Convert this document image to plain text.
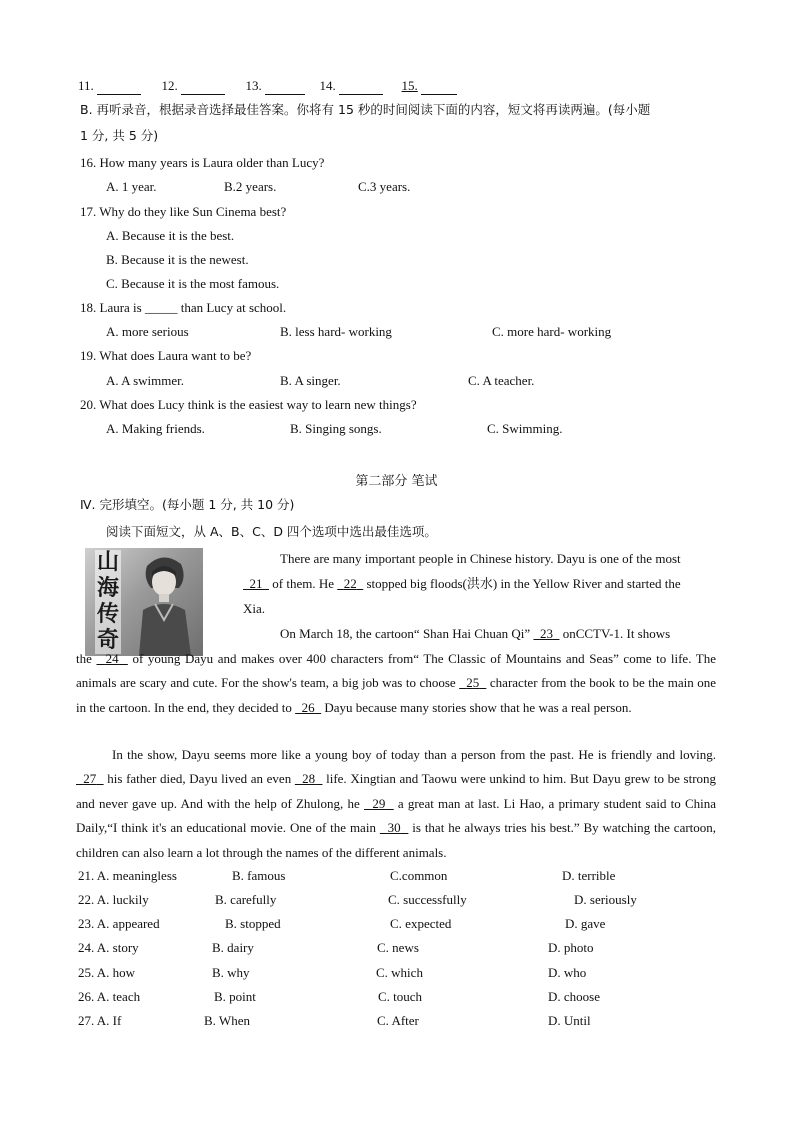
11.	12.	13.	14.	15.
B. 再听录音，根据录音选择最佳答案。你将有 15 秒的时间阅读下面的内容，短文将再读两遍。(每小题
1 分, 共 5 分)
16. How many years is Laura older than Lucy?
A. 1 year.	B.2 years.	C.3 years.
17. Why do they like Sun Cinema best?
A. Because it is the best.
B. Because it is the newest.
C. Because it is the most famous.
18. Laura is _____ than Lucy at school.
A. more serious	B. less hard- working	C. more hard- working
19. What does Laura want to be?
A. A swimmer.	B. A singer.	C. A teacher.
20. What does Lucy think is the easiest way to learn new things?
A. Making friends.	B. Singing songs.	C. Swimming.
第二部分 笔试
Ⅳ. 完形填空。(每小题 1 分, 共 10 分)
阅读下面短文，从 A、B、C、D 四个选项中选出最佳选项。
山
海
传
奇
There are many important people in Chinese history. Dayu is one of the most
21 of them. He 22 stopped big floods(洪水) in the Yellow River and started the
Xia.
On March 18, the cartoon“ Shan Hai Chuan Qi” 23 onCCTV-1. It shows
the 24 of young Dayu and makes over 400 characters from“ The Classic of Mountains and Seas” come to life. The animals are scary and cute. For the show's team, a big job was to choose 25 character from the book to be the main one in the cartoon. In the end, they decided to 26 Dayu because many stories show that he was a real person.
In the show, Dayu seems more like a young boy of today than a person from the past. He is friendly and loving.   27 his father died, Dayu lived an even 28 life. Xingtian and Taowu were unkind to him. But Dayu grew to be strong and never gave up. And with the help of Zhulong, he 29 a great man at last. Li Hao, a primary student said to China Daily,“I think it's an educational movie. One of the main 30 is that he always tries his best.” By watching the cartoon, children can also learn a lot through the names of the different animals.
21. A. meaningless	B. famous	C.common	D. terrible
22. A. luckily	B. carefully	C. successfully	D. seriously
23. A. appeared	B. stopped	C. expected	D. gave
24. A. story	B. dairy	C. news	D. photo
25. A. how	B. why	C. which	D. who
26. A. teach	B. point	C. touch	D. choose
27. A. If	B. When	C. After	D. Until
